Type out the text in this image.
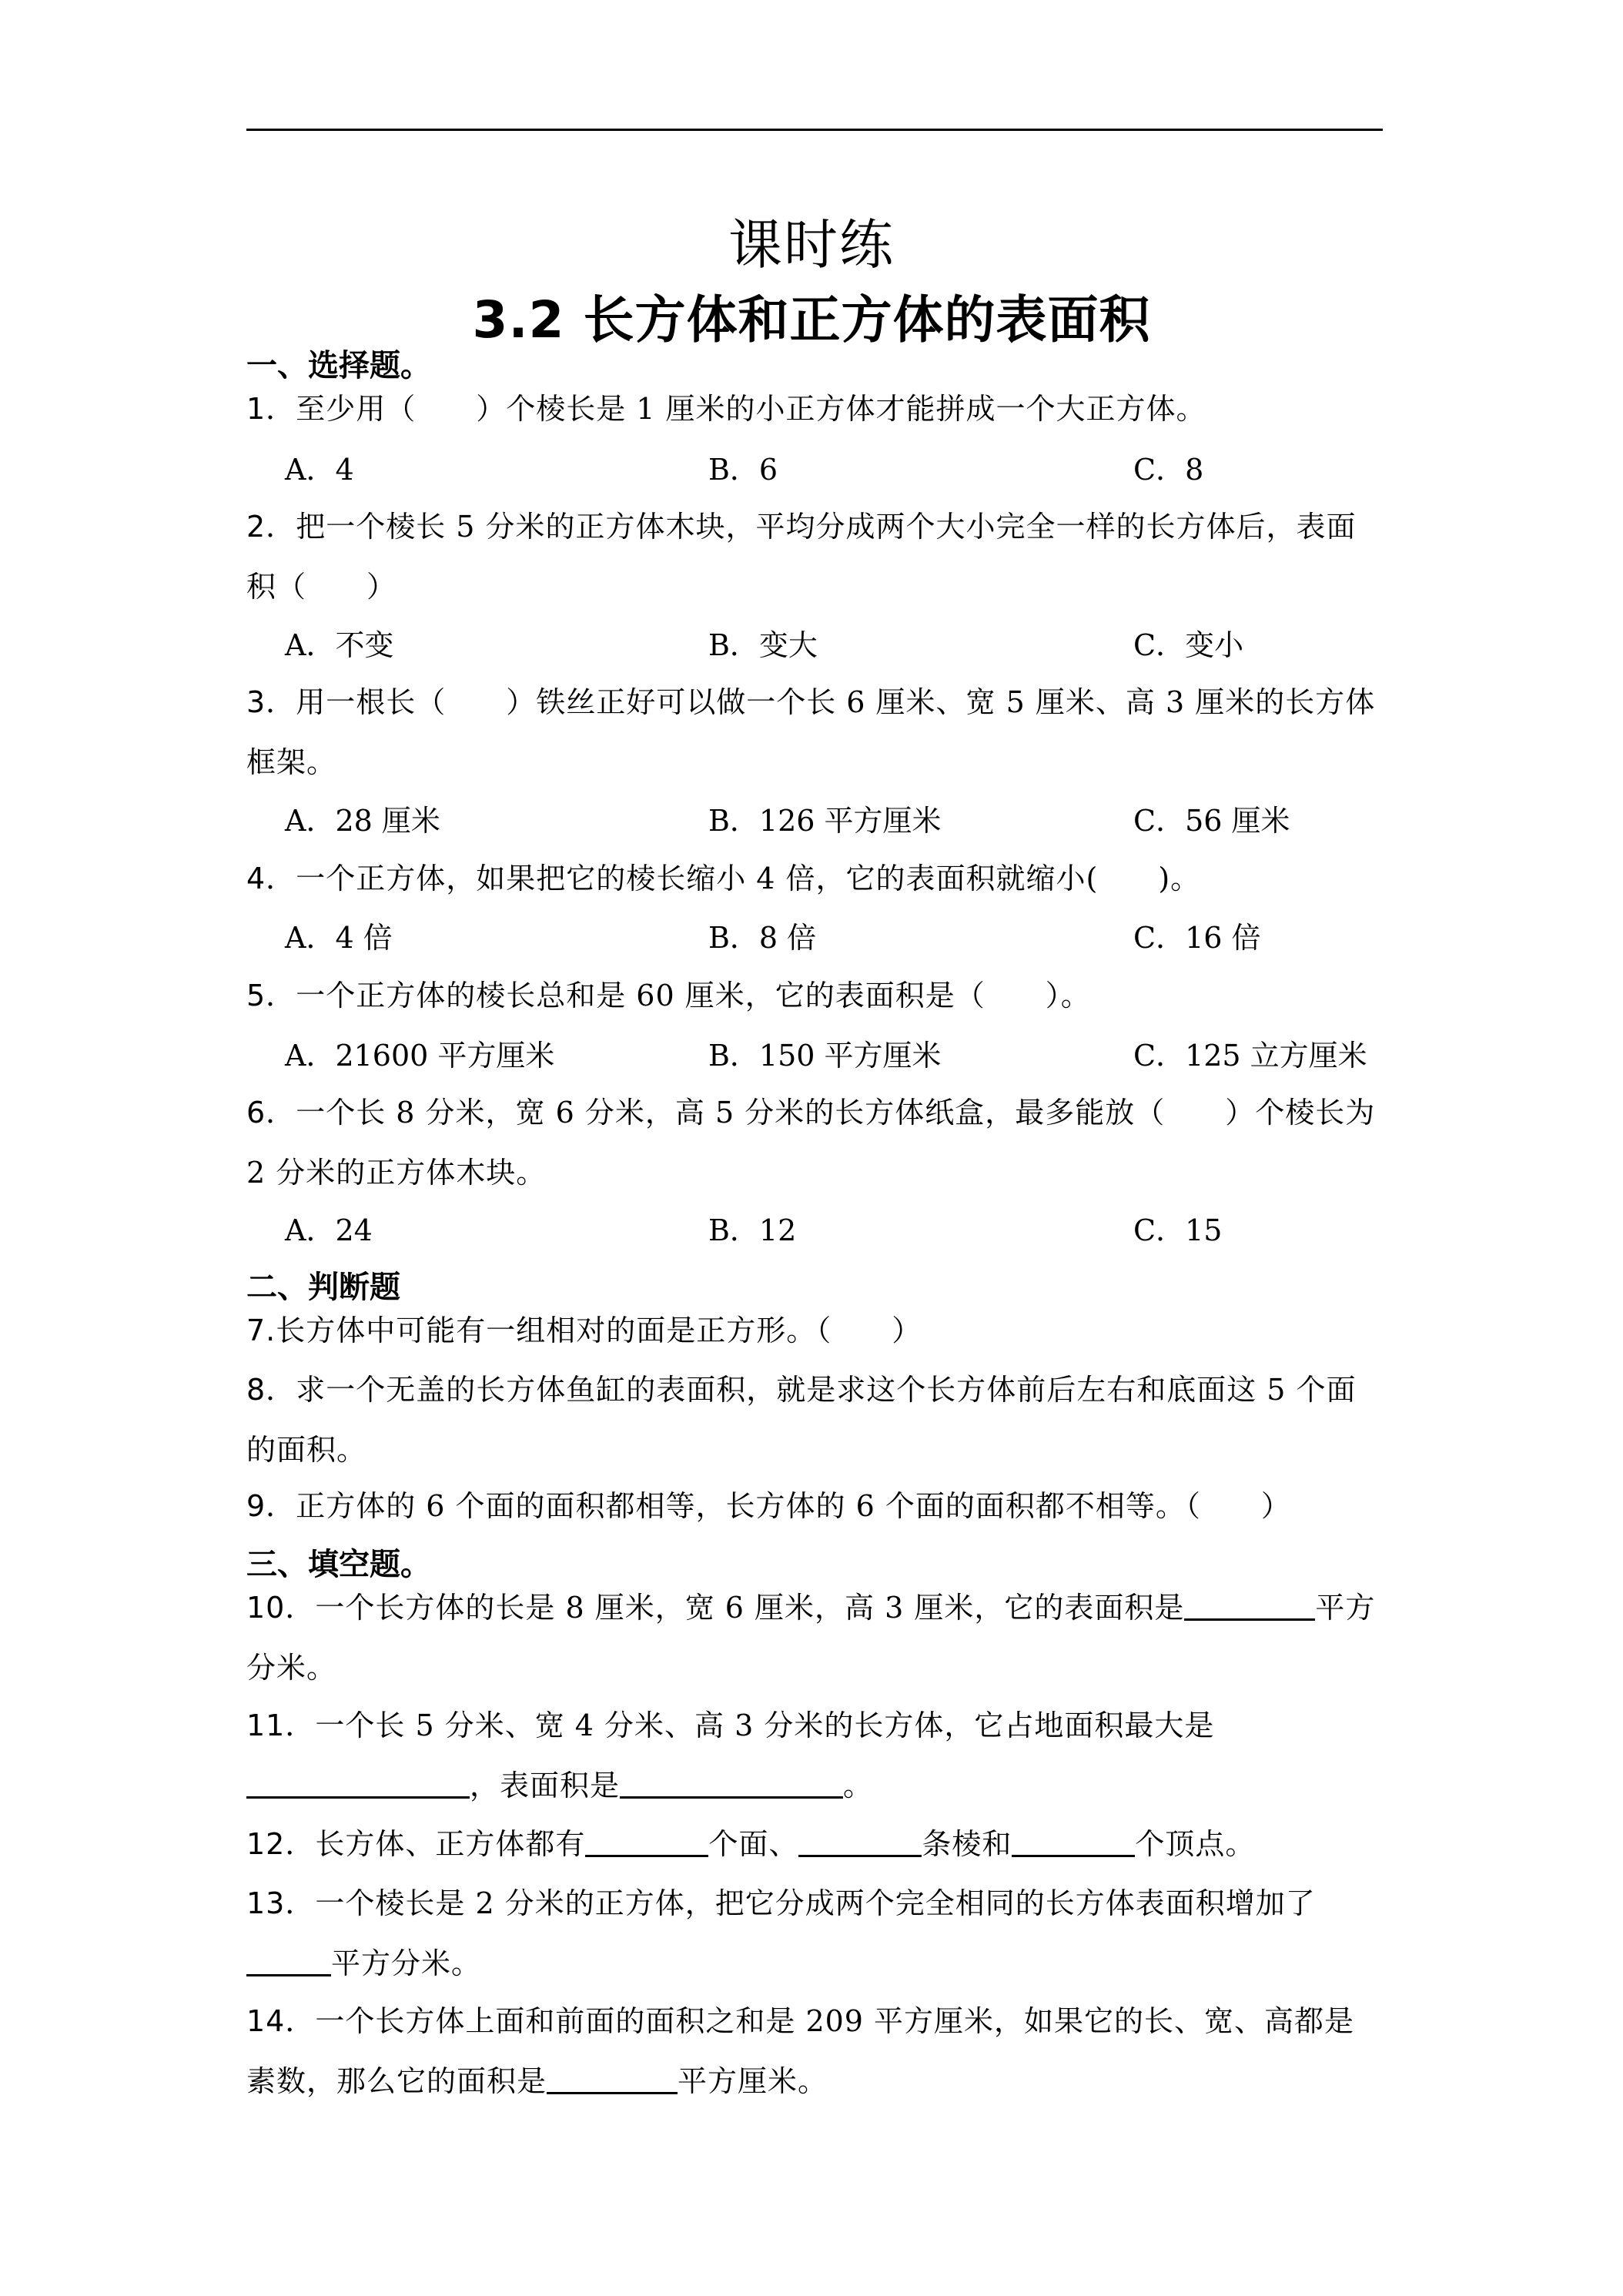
课时练
3.2 长方体和正方体的表面积
一、选择题。
1．至少用（　　）个棱长是 1 厘米的小正方体才能拼成一个大正方体。
A．4	B．6	C．8
2．把一个棱长 5 分米的正方体木块，平均分成两个大小完全一样的长方体后，表面积（　　）
A．不变	B．变大	C．变小
3．用一根长（　　）铁丝正好可以做一个长 6 厘米、宽 5 厘米、高 3 厘米的长方体框架。
A．28 厘米	B．126 平方厘米	C．56 厘米
4．一个正方体，如果把它的棱长缩小 4 倍，它的表面积就缩小(　　)。
A．4 倍	B．8 倍	C．16 倍
5．一个正方体的棱长总和是 60 厘米，它的表面积是（　　）。
A．21600 平方厘米	B．150 平方厘米	C．125 立方厘米
6．一个长 8 分米，宽 6 分米，高 5 分米的长方体纸盒，最多能放（　　）个棱长为 2 分米的正方体木块。
A．24	B．12	C．15
二、判断题
7.长方体中可能有一组相对的面是正方形。（　　）
8．求一个无盖的长方体鱼缸的表面积，就是求这个长方体前后左右和底面这 5 个面的面积。
9．正方体的 6 个面的面积都相等，长方体的 6 个面的面积都不相等。（　　）
三、填空题。
10．一个长方体的长是 8 厘米，宽 6 厘米，高 3 厘米，它的表面积是	平方分米。
11．一个长 5 分米、宽 4 分米、高 3 分米的长方体，它占地面积最大是，表面积是	。
12．长方体、正方体都有	个面、	条棱和	个顶点。
13．一个棱长是 2 分米的正方体，把它分成两个完全相同的长方体表面积增加了平方分米。
14．一个长方体上面和前面的面积之和是 209 平方厘米，如果它的长、宽、高都是素数，那么它的面积是	平方厘米。
